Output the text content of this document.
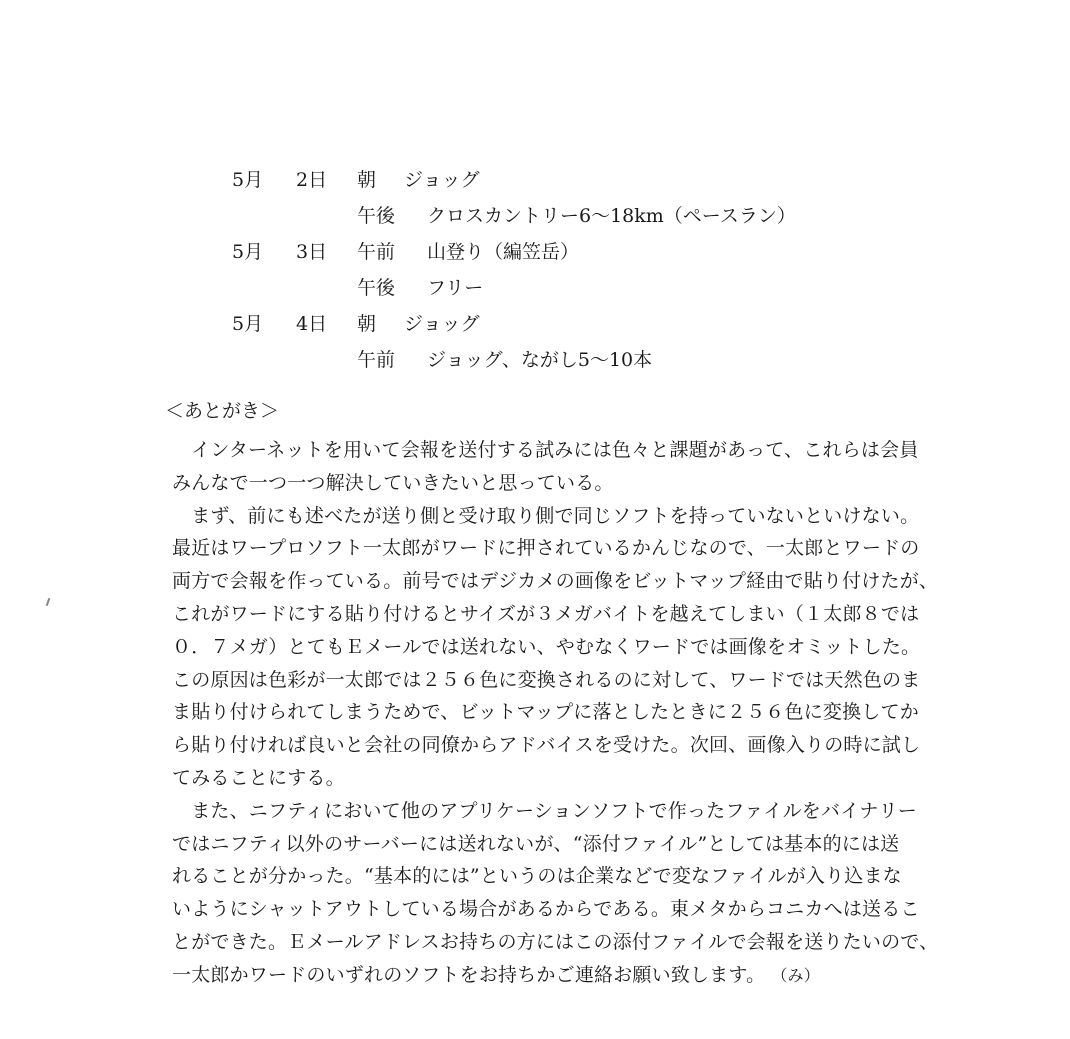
5月	2日	朝 ジョッグ
午後 クロスカントリー6～18km（ペースラン）
5月	3日	午前 山登り（編笠岳）
午後 フリー
5月	4日	朝 ジョッグ
午前 ジョッグ、ながし5～10本
＜あとがき＞
　インターネットを用いて会報を送付する試みには色々と課題があって、これらは会員
みんなで一つ一つ解決していきたいと思っている。
　まず、前にも述べたが送り側と受け取り側で同じソフトを持っていないといけない。
最近はワープロソフト一太郎がワードに押されているかんじなので、一太郎とワードの
両方で会報を作っている。前号ではデジカメの画像をビットマップ経由で貼り付けたが、
これがワードにする貼り付けるとサイズが３メガバイトを越えてしまい（１太郎８では
０．７メガ）とてもＥメールでは送れない、やむなくワードでは画像をオミットした。
この原因は色彩が一太郎では２５６色に変換されるのに対して、ワードでは天然色のま
ま貼り付けられてしまうためで、ビットマップに落としたときに２５６色に変換してか
ら貼り付ければ良いと会社の同僚からアドバイスを受けた。次回、画像入りの時に試し
てみることにする。
　また、ニフティにおいて他のアプリケーションソフトで作ったファイルをバイナリー
ではニフティ以外のサーバーには送れないが、“添付ファイル”としては基本的には送
れることが分かった。“基本的には”というのは企業などで変なファイルが入り込まな
いようにシャットアウトしている場合があるからである。東メタからコニカへは送るこ
とができた。Ｅメールアドレスお持ちの方にはこの添付ファイルで会報を送りたいので、
一太郎かワードのいずれのソフトをお持ちかご連絡お願い致します。 （み）
